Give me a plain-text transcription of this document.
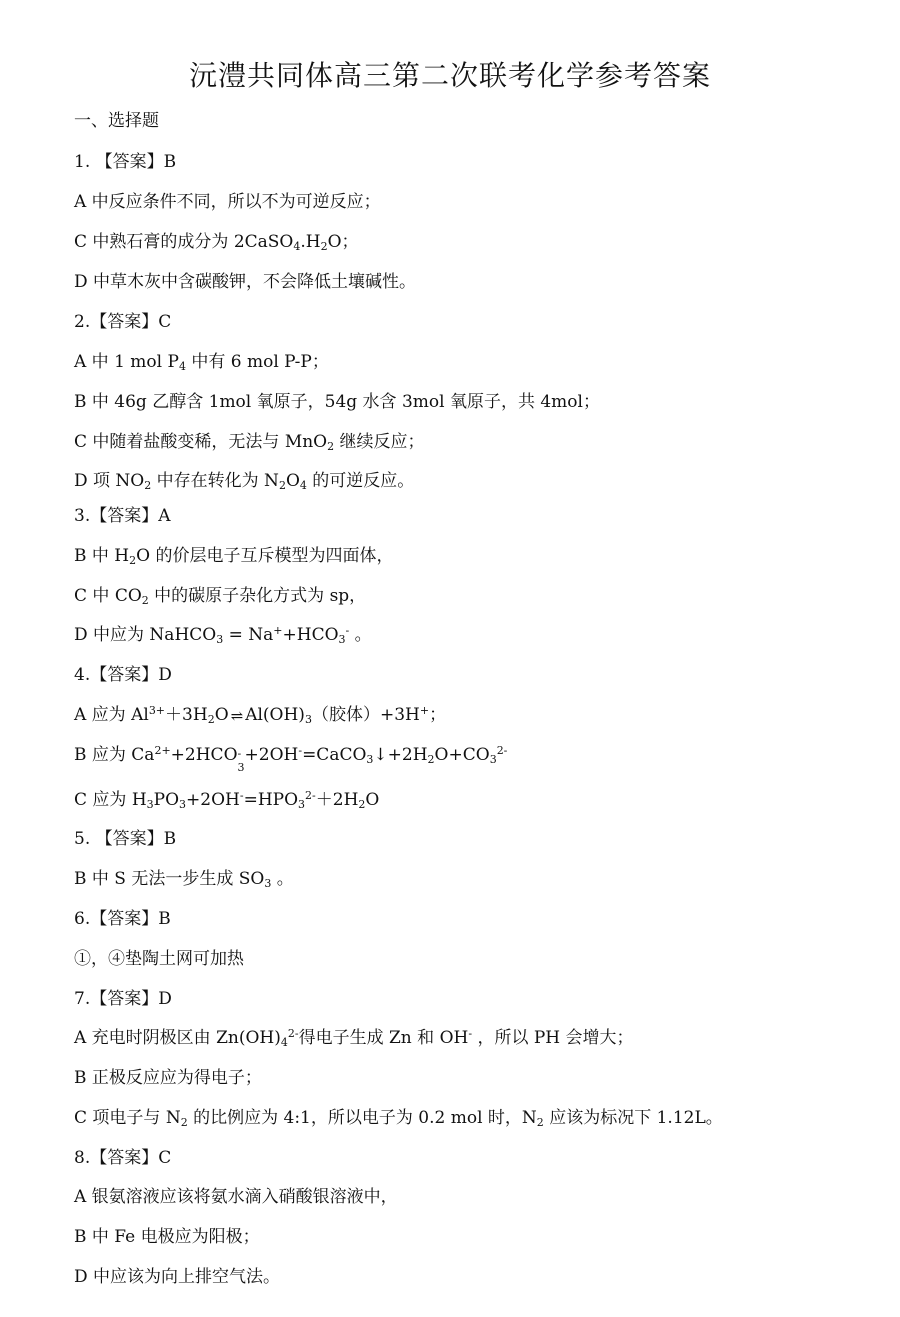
沅澧共同体高三第二次联考化学参考答案
一、选择题
1. 【答案】B
A 中反应条件不同，所以不为可逆反应；
C 中熟石膏的成分为 $2CaSO_4.H_2O$；
D 中草木灰中含碳酸钾，不会降低土壤碱性。
2.【答案】C
A 中 1 mol $P_4$ 中有 6 mol P-P；
B 中 46g 乙醇含 1mol 氧原子，54g 水含 3mol 氧原子，共 4mol；
C 中随着盐酸变稀，无法与 MnO$_2$ 继续反应；
D 项 $NO_2$ 中存在转化为 $N_2O_4$ 的可逆反应。
3.【答案】A
B 中 $H_2O$ 的价层电子互斥模型为四面体，
C 中 $CO_2$ 中的碳原子杂化方式为 sp，
D 中应为 NaHCO$_3$ = $Na^++HCO_3^-$ 。
4.【答案】D
A 应为 $Al^{3+}+3H_2O$ ⇌ $Al(OH)_3$（胶体）+3H+；
B 应为 $Ca^{2+}+2HCO$ -
3
$+2OH^-=CaCO_3↓+2H_2O+CO_3^{2-}$
C 应为 $H_3PO_3+2OH^-=HPO_3^{2-}+2H_2O$
5. 【答案】B
B 中 S 无法一步生成 $SO_3$ 。
6.【答案】B
①，④垫陶土网可加热
7.【答案】D
A 充电时阴极区由 $Zn(OH)_4^{2-}$得电子生成 Zn 和 OH- ，所以 PH 会增大；
B 正极反应应为得电子；
C 项电子与 $N_2$ 的比例应为 4:1，所以电子为 0.2 mol 时，$N_2$ 应该为标况下 1.12L。
8.【答案】C
A 银氨溶液应该将氨水滴入硝酸银溶液中，
B 中 Fe 电极应为阳极；
D 中应该为向上排空气法。
